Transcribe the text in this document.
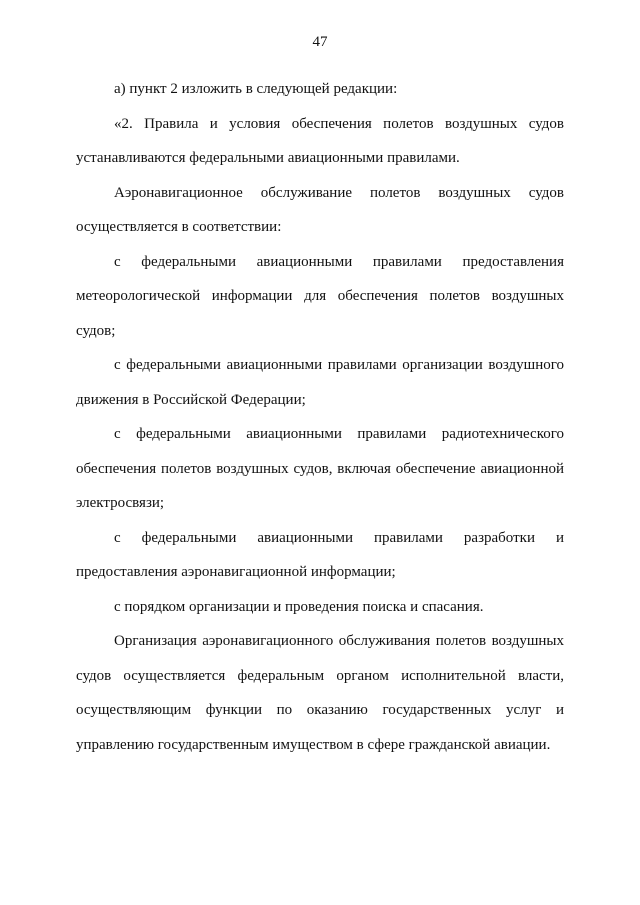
47

а) пункт 2 изложить в следующей редакции:

«2. Правила и условия обеспечения полетов воздушных судов устанавливаются федеральными авиационными правилами.

Аэронавигационное обслуживание полетов воздушных судов осуществляется в соответствии:

с федеральными авиационными правилами предоставления метеорологической информации для обеспечения полетов воздушных судов;

с федеральными авиационными правилами организации воздушного движения в Российской Федерации;

с федеральными авиационными правилами радиотехнического обеспечения полетов воздушных судов, включая обеспечение авиационной электросвязи;

с федеральными авиационными правилами разработки и предоставления аэронавигационной информации;

с порядком организации и проведения поиска и спасания.

Организация аэронавигационного обслуживания полетов воздушных судов осуществляется федеральным органом исполнительной власти, осуществляющим функции по оказанию государственных услуг и управлению государственным имуществом в сфере гражданской авиации.
